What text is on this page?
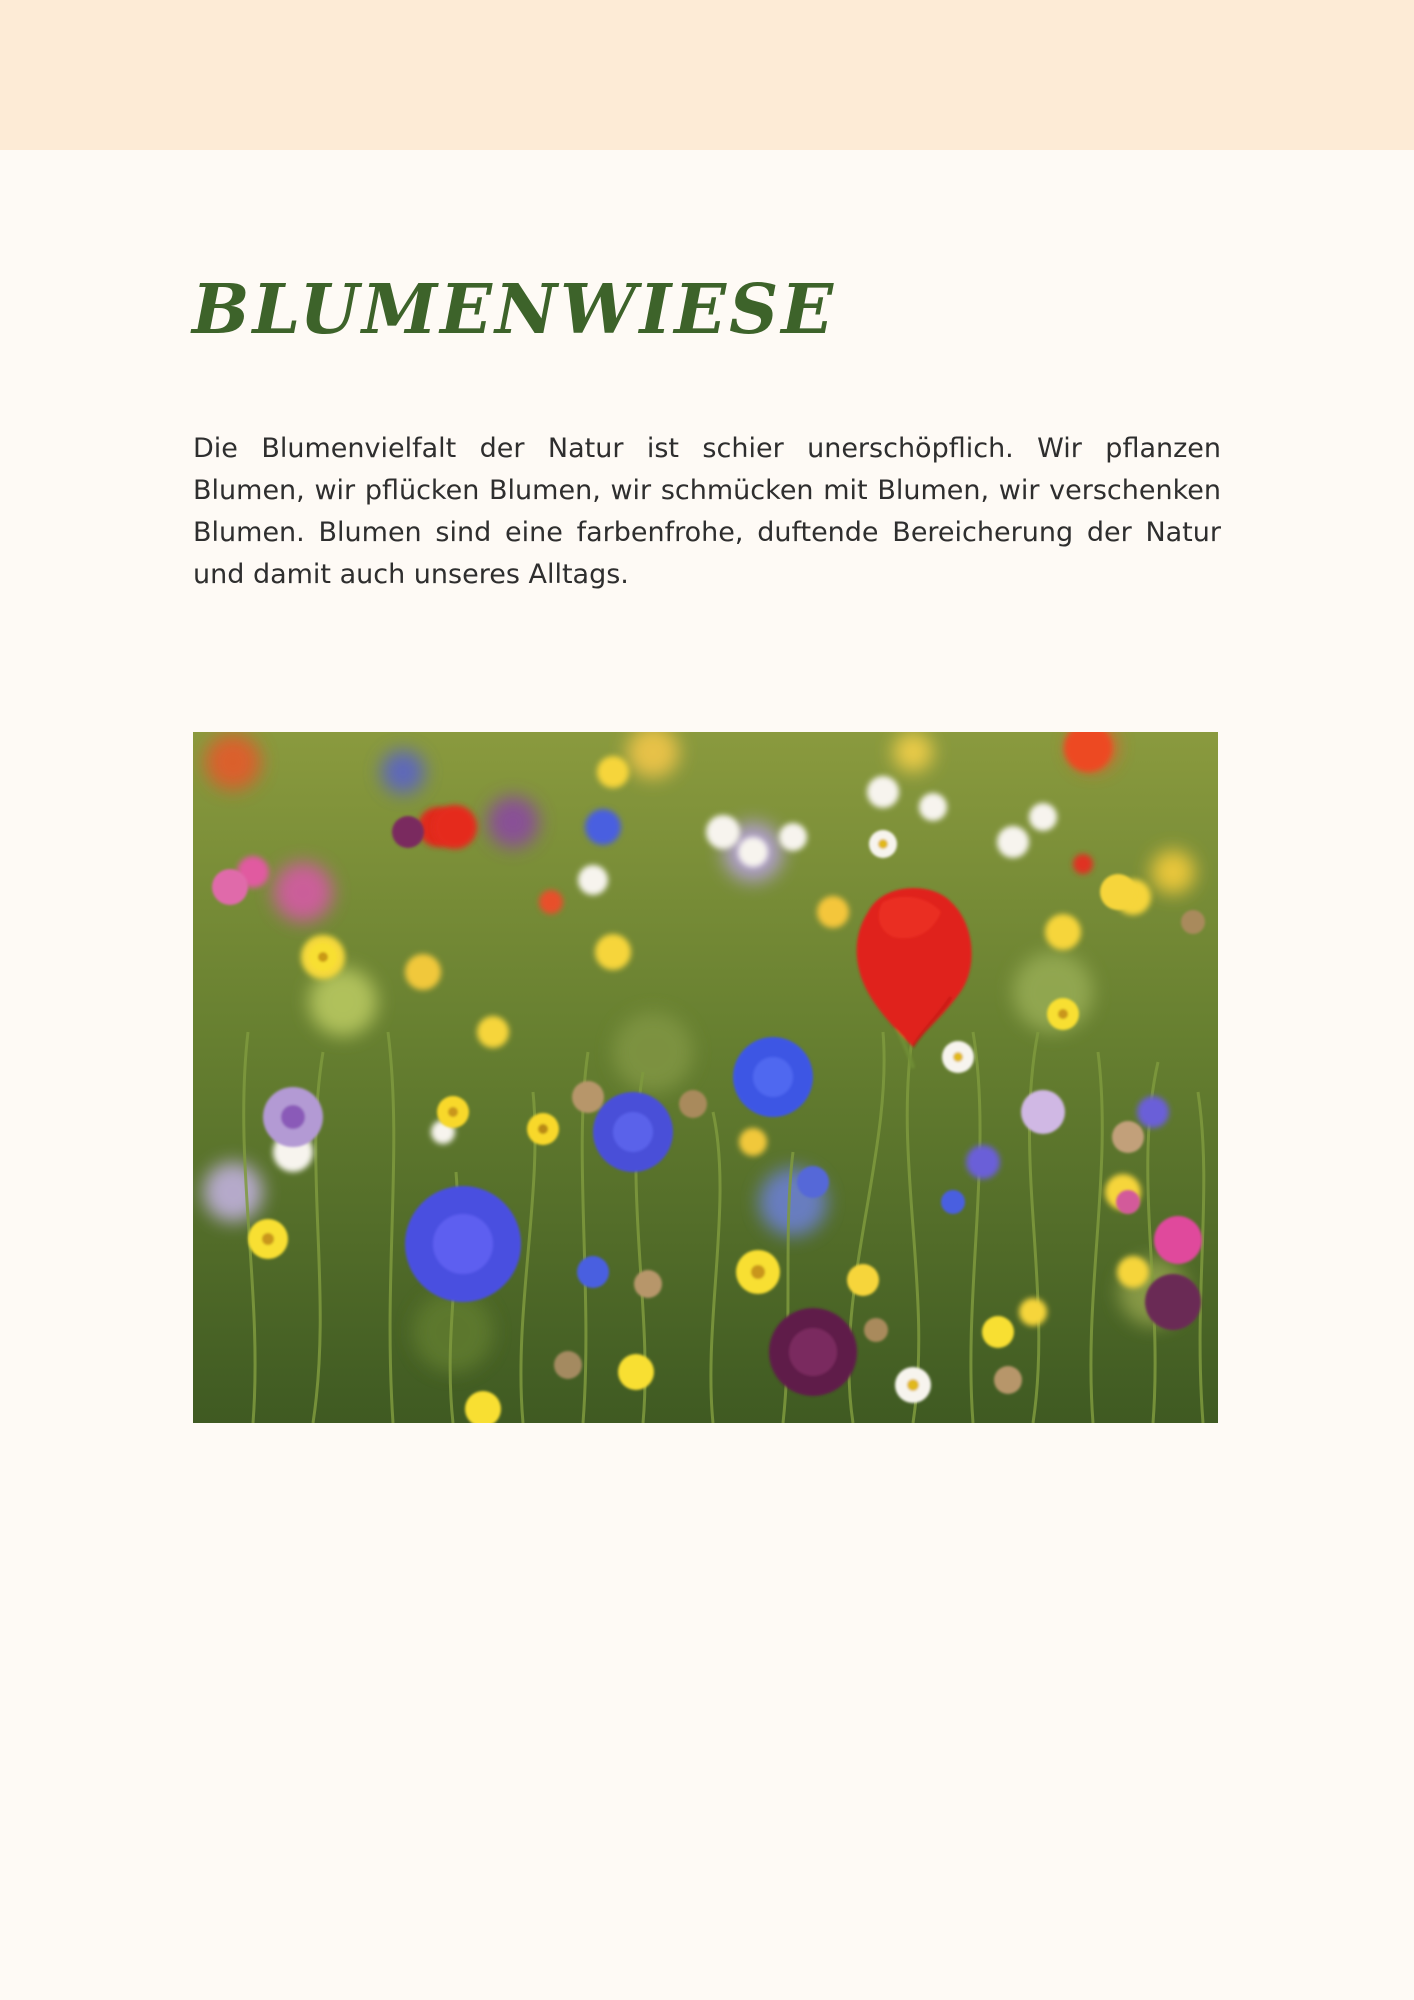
BLUMENWIESE

Die Blumenvielfalt der Natur ist schier unerschöpflich. Wir pflanzen Blumen, wir pflücken Blumen, wir schmücken mit Blumen, wir verschenken Blumen. Blumen sind eine farbenfrohe, duftende Bereicherung der Natur und damit auch unseres Alltags.
